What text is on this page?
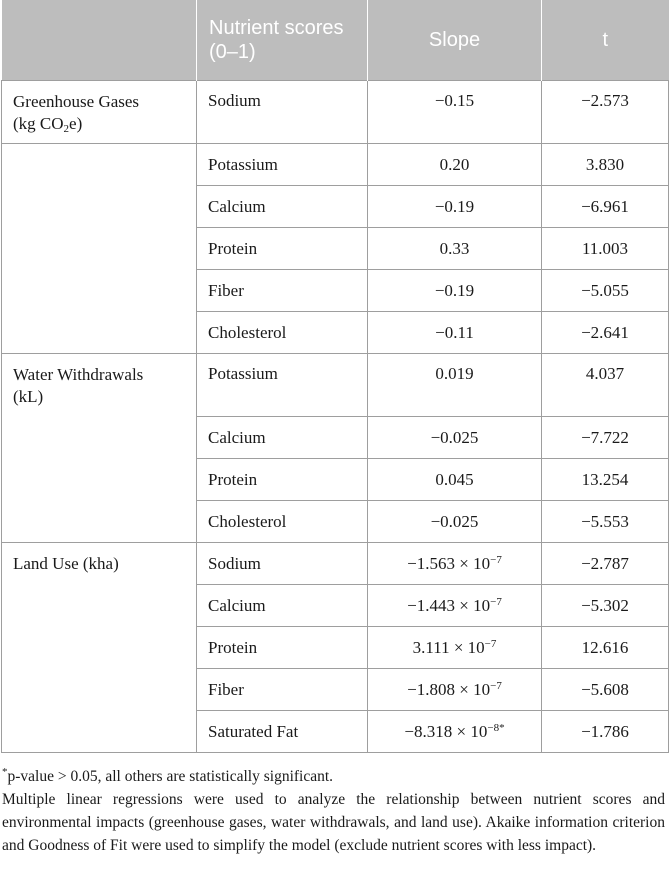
	Nutrient scores (0–1)	Slope	t
Greenhouse Gases
(kg $CO_2e$)	Sodium	−0.15	−2.573
	Potassium	0.20	3.830
	Calcium	−0.19	−6.961
	Protein	0.33	11.003
	Fiber	−0.19	−5.055
	Cholesterol	−0.11	−2.641
Water Withdrawals
(kL)	Potassium	0.019	4.037
	Calcium	−0.025	−7.722
	Protein	0.045	13.254
	Cholesterol	−0.025	−5.553
Land Use (kha)	Sodium	$-1.563 \times 10^{-7}$	−2.787
	Calcium	$-1.443 \times 10^{-7}$	−5.302
	Protein	$3.111 \times 10^{-7}$	12.616
	Fiber	$-1.808 \times 10^{-7}$	−5.608
	Saturated Fat	$-8.318 \times 10^{-8*}$	−1.786

*p-value > 0.05, all others are statistically significant.

Multiple linear regressions were used to analyze the relationship between nutrient scores and environmental impacts (greenhouse gases, water withdrawals, and land use). Akaike information criterion and Goodness of Fit were used to simplify the model (exclude nutrient scores with less impact).
